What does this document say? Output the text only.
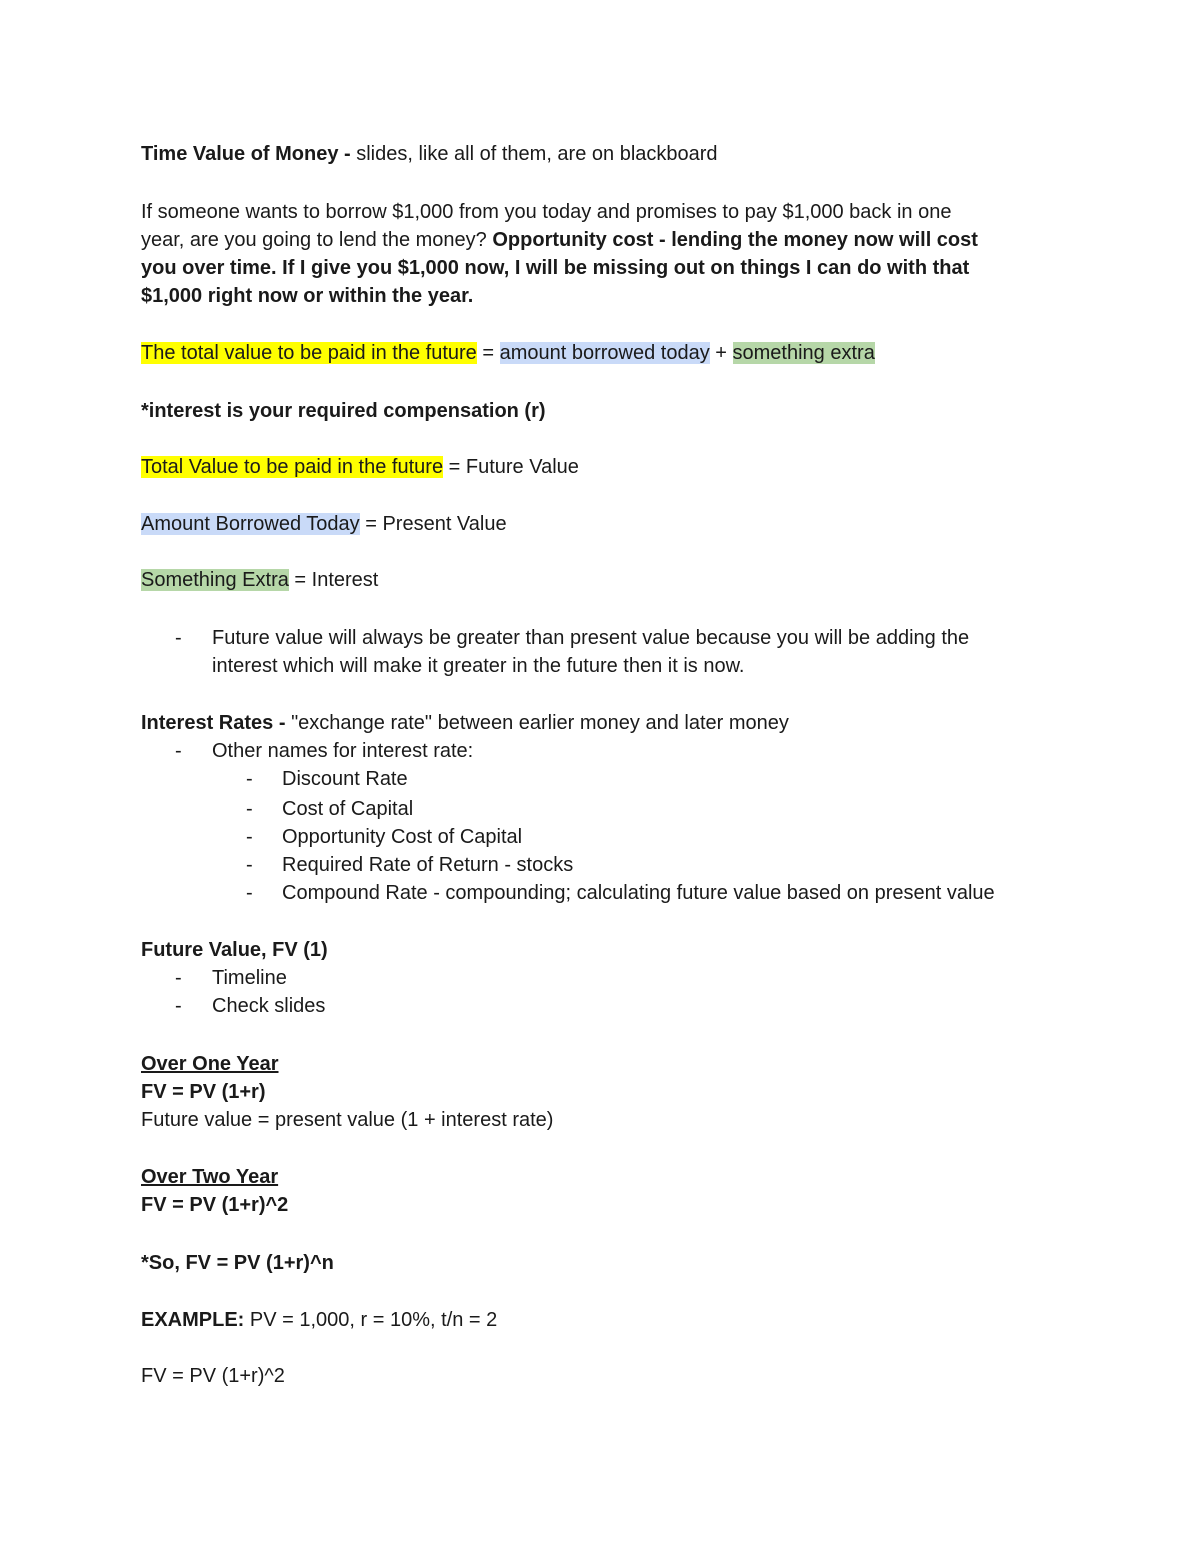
Time Value of Money - slides, like all of them, are on blackboard
If someone wants to borrow $1,000 from you today and promises to pay $1,000 back in one
year, are you going to lend the money? Opportunity cost - lending the money now will cost
you over time. If I give you $1,000 now, I will be missing out on things I can do with that
$1,000 right now or within the year.
The total value to be paid in the future = amount borrowed today + something extra
*interest is your required compensation (r)
Total Value to be paid in the future = Future Value
Amount Borrowed Today = Present Value
Something Extra = Interest
- Future value will always be greater than present value because you will be adding the
interest which will make it greater in the future then it is now.
Interest Rates - "exchange rate" between earlier money and later money
- Other names for interest rate:
- Discount Rate
- Cost of Capital
- Opportunity Cost of Capital
- Required Rate of Return - stocks
- Compound Rate - compounding; calculating future value based on present value
Future Value, FV (1)
- Timeline
- Check slides
Over One Year
FV = PV (1+r)
Future value = present value (1 + interest rate)
Over Two Year
FV = PV (1+r)^2
*So, FV = PV (1+r)^n
EXAMPLE: PV = 1,000, r = 10%, t/n = 2
FV = PV (1+r)^2
